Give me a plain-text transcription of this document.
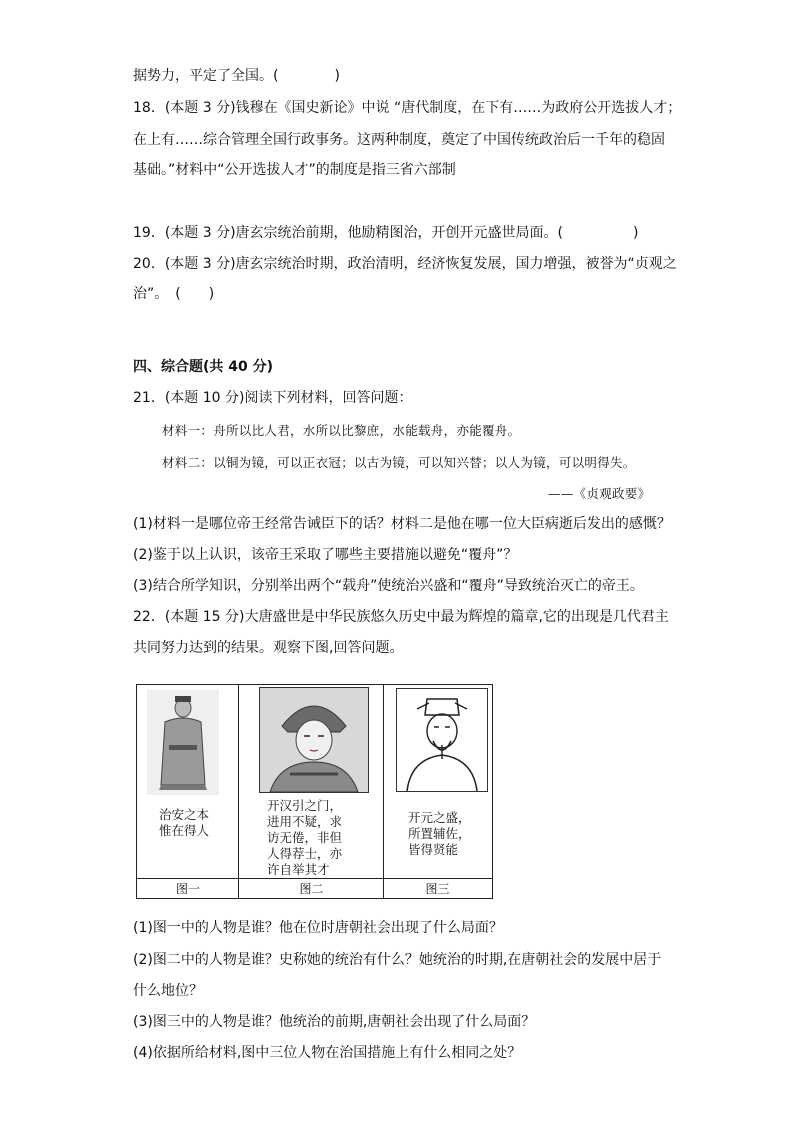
据势力，平定了全国。(　　　　)
18．(本题 3 分)钱穆在《国史新论》中说 “唐代制度，在下有……为政府公开选拔人才；
在上有……综合管理全国行政事务。这两种制度，奠定了中国传统政治后一千年的稳固
基础。”材料中“公开选拔人才”的制度是指三省六部制
19．(本题 3 分)唐玄宗统治前期，他励精图治，开创开元盛世局面。(　　　　　)
20．(本题 3 分)唐玄宗统治时期，政治清明，经济恢复发展，国力增强，被誉为“贞观之
治”。　(　　)
四、综合题(共 40 分)
21．(本题 10 分)阅读下列材料，回答问题：
材料一：舟所以比人君，水所以比黎庶，水能载舟，亦能覆舟。
材料二：以铜为镜，可以正衣冠；以古为镜，可以知兴替；以人为镜，可以明得失。
——《贞观政要》
(1)材料一是哪位帝王经常告诫臣下的话？材料二是他在哪一位大臣病逝后发出的感慨？
(2)鉴于以上认识，该帝王采取了哪些主要措施以避免“覆舟”？
(3)结合所学知识，分别举出两个“载舟”使统治兴盛和“覆舟”导致统治灭亡的帝王。
22．(本题 15 分)大唐盛世是中华民族悠久历史中最为辉煌的篇章,它的出现是几代君主
共同努力达到的结果。观察下图,回答问题。
治安之本
惟在得人
开汉引之门，
进用不疑，求
访无倦，非但
人得荐士，亦
许自举其才
开元之盛，
所置辅佐，
皆得贤能
图一	图二	图三
(1)图一中的人物是谁？他在位时唐朝社会出现了什么局面？
(2)图二中的人物是谁？史称她的统治有什么？她统治的时期,在唐朝社会的发展中居于
什么地位？
(3)图三中的人物是谁？他统治的前期,唐朝社会出现了什么局面？
(4)依据所给材料,图中三位人物在治国措施上有什么相同之处？
